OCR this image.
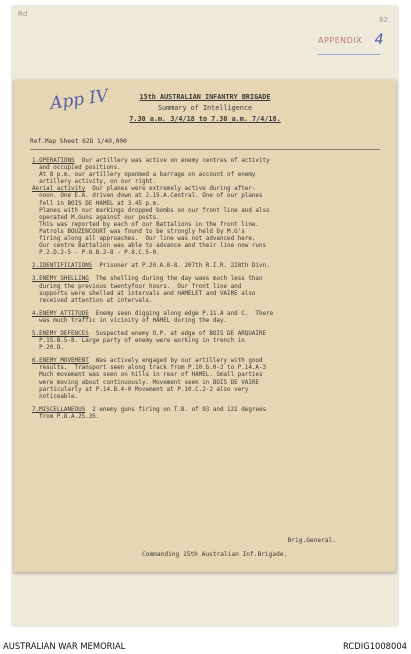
Rd
62
APPENDIX 4
App IV	15th AUSTRALIAN INFANTRY BRIGADE
Summary of Intelligence
7.30 a.m. 3/4/18 to 7.30 a.m. 7/4/18.
Ref.Map Sheet 62D 1/40,000
1.OPERATIONS  Our artillery was active on enemy centres of activity
and occupied positions.
At 8 p.m. our artillery openmed a barrage on account of enemy
artillery activity, on our right.
Aerial activity  Our planes were extremely active during after-
noon. One E.A. driven down at J.15.A.Central. One of our planes
fell in BOIS DE HAMEL at 3.45 p.m.
Planes with our markings dropped bombs on our front line and also
operated M.Guns against our posts.
This was reported by each of our Battalions in the front line.
Patrols BOUZENCOURT was found to be strongly held by M.G's
firing along all approaches.  Our line was not advanced here.
Our centre Battalion was able to advance and their line now runs
P.2.D.2-5 - P.8.B.2-8 - P.8.C.5-0.
2.IDENTIFICATIONS  Prisoner at P.20.A.0-8. 207th R.I.R. 228th Divn.
3.ENEMY SHELLING  The shelling during the day waes much less than
during the previous twentyfour hours.  Our front line and
supports were shelled at intervals and HAMELET and VAIRE also
received attention at intervals.
4.ENEMY ATTITUDE  Enemy seen digging along edge P.11.A and C.  There
was much traffic in vicinity of HAMEL during the day.
5.ENEMY DEFENCES  Suspected enemy O.P. at edge of BOIS DE ARQUAIRE
P.15.B.5-8. Large party of enemy were working in trench in
P.20.D.
6.ENEMY MOVEMENT  Was actively engaged by our artillery with good
results.  Transport seen along track from P.10.b.0-2 to P.14.A-3
Much movement was seen on hills in rear of HAMEL. Small parties
were moving about continuously. Movement seen in BOIS DE VAIRE
particularly at P.14.B.4-0 Movement at P.10.C.2-2 also very
noticeable.
7.MISCELLANEOUS  2 enemy guns firing on T.B. of 93 and 122 degrees
from P.8.A.25.35.
Brig.General.
Commanding 15th Australian Inf.Brigade.
AUSTRALIAN WAR MEMORIAL	RCDIG1008004
